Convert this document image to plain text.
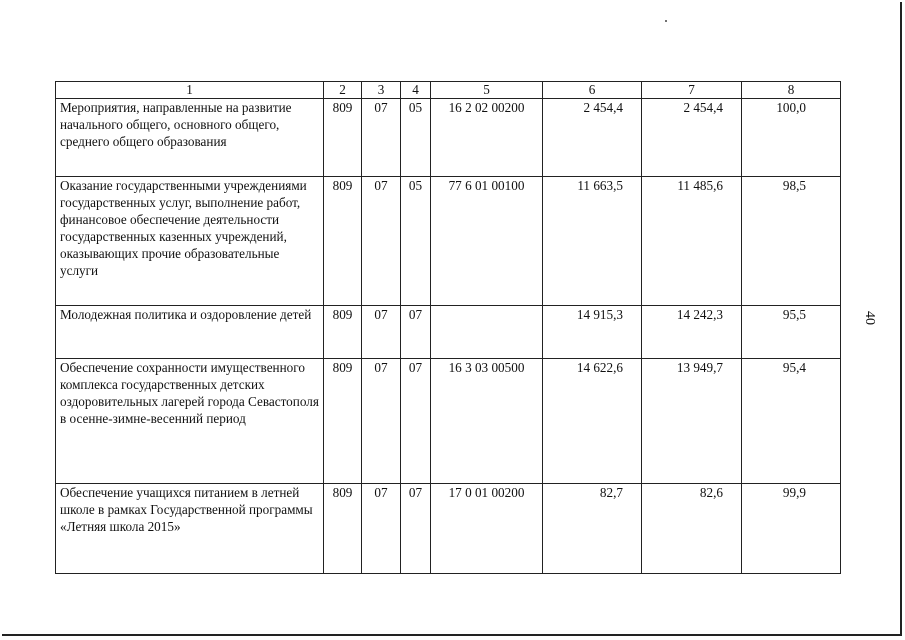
1	2	3	4	5	6	7	8
Мероприятия, направленные на развитие начального общего, основного общего, среднего общего образования	809	07	05	16 2 02 00200	2 454,4	2 454,4	100,0
Оказание государственными учреждениями государственных услуг, выполнение работ, финансовое обеспечение деятельности государственных казенных учреждений, оказывающих прочие образовательные услуги	809	07	05	77 6 01 00100	11 663,5	11 485,6	98,5
Молодежная политика и оздоровление детей	809	07	07		14 915,3	14 242,3	95,5
Обеспечение сохранности имущественного комплекса государственных детских оздоровительных лагерей города Севастополя в осенне-зимне-весенний период	809	07	07	16 3 03 00500	14 622,6	13 949,7	95,4
Обеспечение учащихся питанием в летней школе в рамках Государственной программы «Летняя школа 2015»	809	07	07	17 0 01 00200	82,7	82,6	99,9
40
